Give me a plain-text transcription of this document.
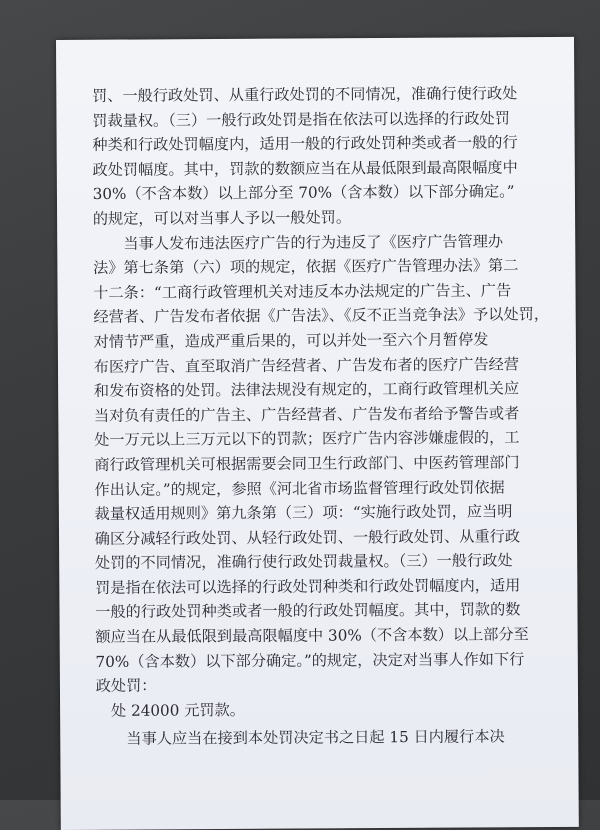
罚、一般行政处罚、从重行政处罚的不同情况，准确行使行政处
罚裁量权。（三）一般行政处罚是指在依法可以选择的行政处罚
种类和行政处罚幅度内，适用一般的行政处罚种类或者一般的行
政处罚幅度。其中，罚款的数额应当在从最低限到最高限幅度中
30%（不含本数）以上部分至 70%（含本数）以下部分确定。”
的规定，可以对当事人予以一般处罚。
　　当事人发布违法医疗广告的行为违反了《医疗广告管理办
法》第七条第（六）项的规定，依据《医疗广告管理办法》第二
十二条：“工商行政管理机关对违反本办法规定的广告主、广告
经营者、广告发布者依据《广告法》、《反不正当竞争法》予以处罚，
对情节严重，造成严重后果的，可以并处一至六个月暂停发
布医疗广告、直至取消广告经营者、广告发布者的医疗广告经营
和发布资格的处罚。法律法规没有规定的，工商行政管理机关应
当对负有责任的广告主、广告经营者、广告发布者给予警告或者
处一万元以上三万元以下的罚款；医疗广告内容涉嫌虚假的，工
商行政管理机关可根据需要会同卫生行政部门、中医药管理部门
作出认定。”的规定，参照《河北省市场监督管理行政处罚依据
裁量权适用规则》第九条第（三）项：“实施行政处罚，应当明
确区分减轻行政处罚、从轻行政处罚、一般行政处罚、从重行政
处罚的不同情况，准确行使行政处罚裁量权。（三）一般行政处
罚是指在依法可以选择的行政处罚种类和行政处罚幅度内，适用
一般的行政处罚种类或者一般的行政处罚幅度。其中，罚款的数
额应当在从最低限到最高限幅度中 30%（不含本数）以上部分至
70%（含本数）以下部分确定。”的规定，决定对当事人作如下行
政处罚：
　处 24000 元罚款。
　　当事人应当在接到本处罚决定书之日起 15 日内履行本决
